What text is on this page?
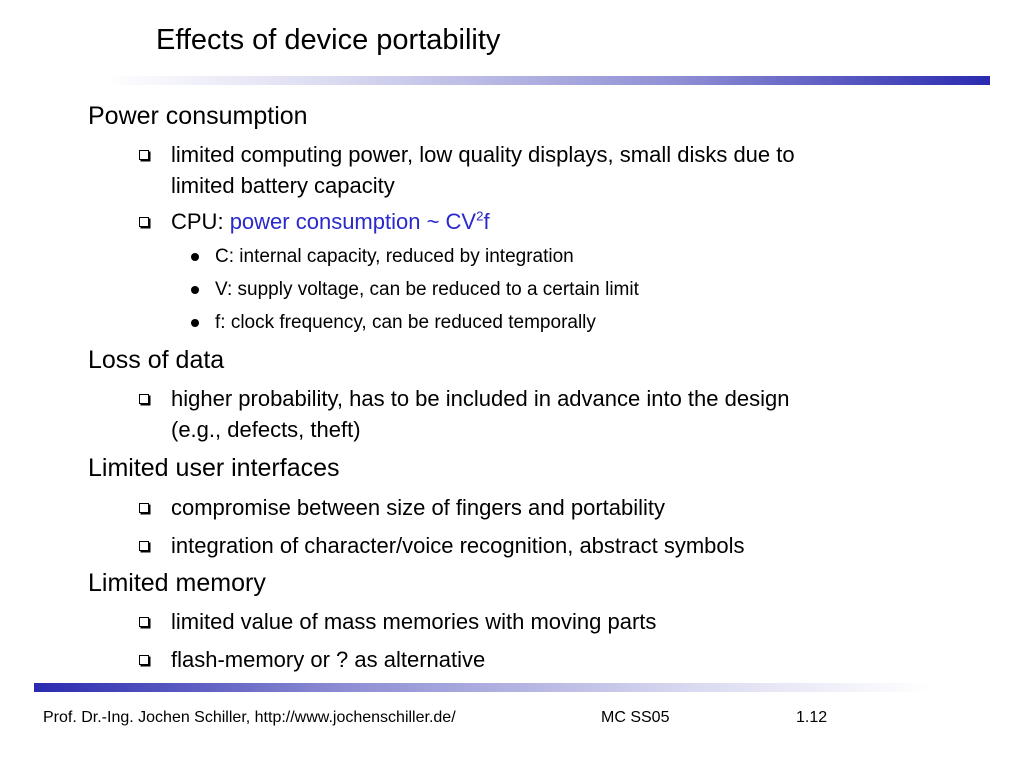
Effects of device portability
Power consumption
limited computing power, low quality displays, small disks due to
limited battery capacity
CPU: power consumption ~ $CV^2f$
C: internal capacity, reduced by integration
V: supply voltage, can be reduced to a certain limit
f: clock frequency, can be reduced temporally
Loss of data
higher probability, has to be included in advance into the design
(e.g., defects, theft)
Limited user interfaces
compromise between size of fingers and portability
integration of character/voice recognition, abstract symbols
Limited memory
limited value of mass memories with moving parts
flash-memory or ? as alternative
Prof. Dr.-Ing. Jochen Schiller, http://www.jochenschiller.de/	MC SS05	1.12
